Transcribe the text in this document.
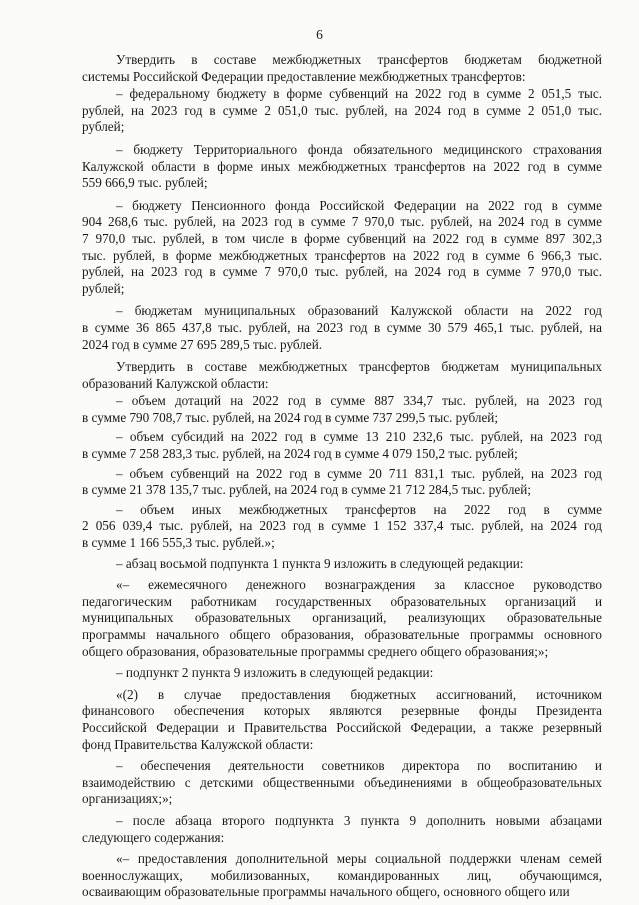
6
Утвердить в составе межбюджетных трансфертов бюджетам бюджетной
системы Российской Федерации предоставление межбюджетных трансфертов:
– федеральному бюджету в форме субвенций на 2022 год в сумме 2 051,5 тыс.
рублей, на 2023 год в сумме 2 051,0 тыс. рублей, на 2024 год в сумме 2 051,0 тыс.
рублей;
– бюджету Территориального фонда обязательного медицинского страхования
Калужской области в форме иных межбюджетных трансфертов на 2022 год в сумме
559 666,9 тыс. рублей;
– бюджету Пенсионного фонда Российской Федерации на 2022 год в сумме
904 268,6 тыс. рублей, на 2023 год в сумме 7 970,0 тыс. рублей, на 2024 год в сумме
7 970,0 тыс. рублей, в том числе в форме субвенций на 2022 год в сумме 897 302,3
тыс. рублей, в форме межбюджетных трансфертов на 2022 год в сумме 6 966,3 тыс.
рублей, на 2023 год в сумме 7 970,0 тыс. рублей, на 2024 год в сумме 7 970,0 тыс.
рублей;
– бюджетам муниципальных образований Калужской области на 2022 год
в сумме 36 865 437,8 тыс. рублей, на 2023 год в сумме 30 579 465,1 тыс. рублей, на
2024 год в сумме 27 695 289,5 тыс. рублей.
Утвердить в составе межбюджетных трансфертов бюджетам муниципальных
образований Калужской области:
– объем дотаций на 2022 год в сумме 887 334,7 тыс. рублей, на 2023 год
в сумме 790 708,7 тыс. рублей, на 2024 год в сумме 737 299,5 тыс. рублей;
– объем субсидий на 2022 год в сумме 13 210 232,6 тыс. рублей, на 2023 год
в сумме 7 258 283,3 тыс. рублей, на 2024 год в сумме 4 079 150,2 тыс. рублей;
– объем субвенций на 2022 год в сумме 20 711 831,1 тыс. рублей, на 2023 год
в сумме 21 378 135,7 тыс. рублей, на 2024 год в сумме 21 712 284,5 тыс. рублей;
– объем иных межбюджетных трансфертов на 2022 год в сумме
2 056 039,4 тыс. рублей, на 2023 год в сумме 1 152 337,4 тыс. рублей, на 2024 год
в сумме 1 166 555,3 тыс. рублей.»;
– абзац восьмой подпункта 1 пункта 9 изложить в следующей редакции:
«– ежемесячного денежного вознаграждения за классное руководство
педагогическим работникам государственных образовательных организаций и
муниципальных образовательных организаций, реализующих образовательные
программы начального общего образования, образовательные программы основного
общего образования, образовательные программы среднего общего образования;»;
– подпункт 2 пункта 9 изложить в следующей редакции:
«(2) в случае предоставления бюджетных ассигнований, источником
финансового обеспечения которых являются резервные фонды Президента
Российской Федерации и Правительства Российской Федерации, а также резервный
фонд Правительства Калужской области:
– обеспечения деятельности советников директора по воспитанию и
взаимодействию с детскими общественными объединениями в общеобразовательных
организациях;»;
– после абзаца второго подпункта 3 пункта 9 дополнить новыми абзацами
следующего содержания:
«– предоставления дополнительной меры социальной поддержки членам семей
военнослужащих, мобилизованных, командированных лиц, обучающимся,
осваивающим образовательные программы начального общего, основного общего или
